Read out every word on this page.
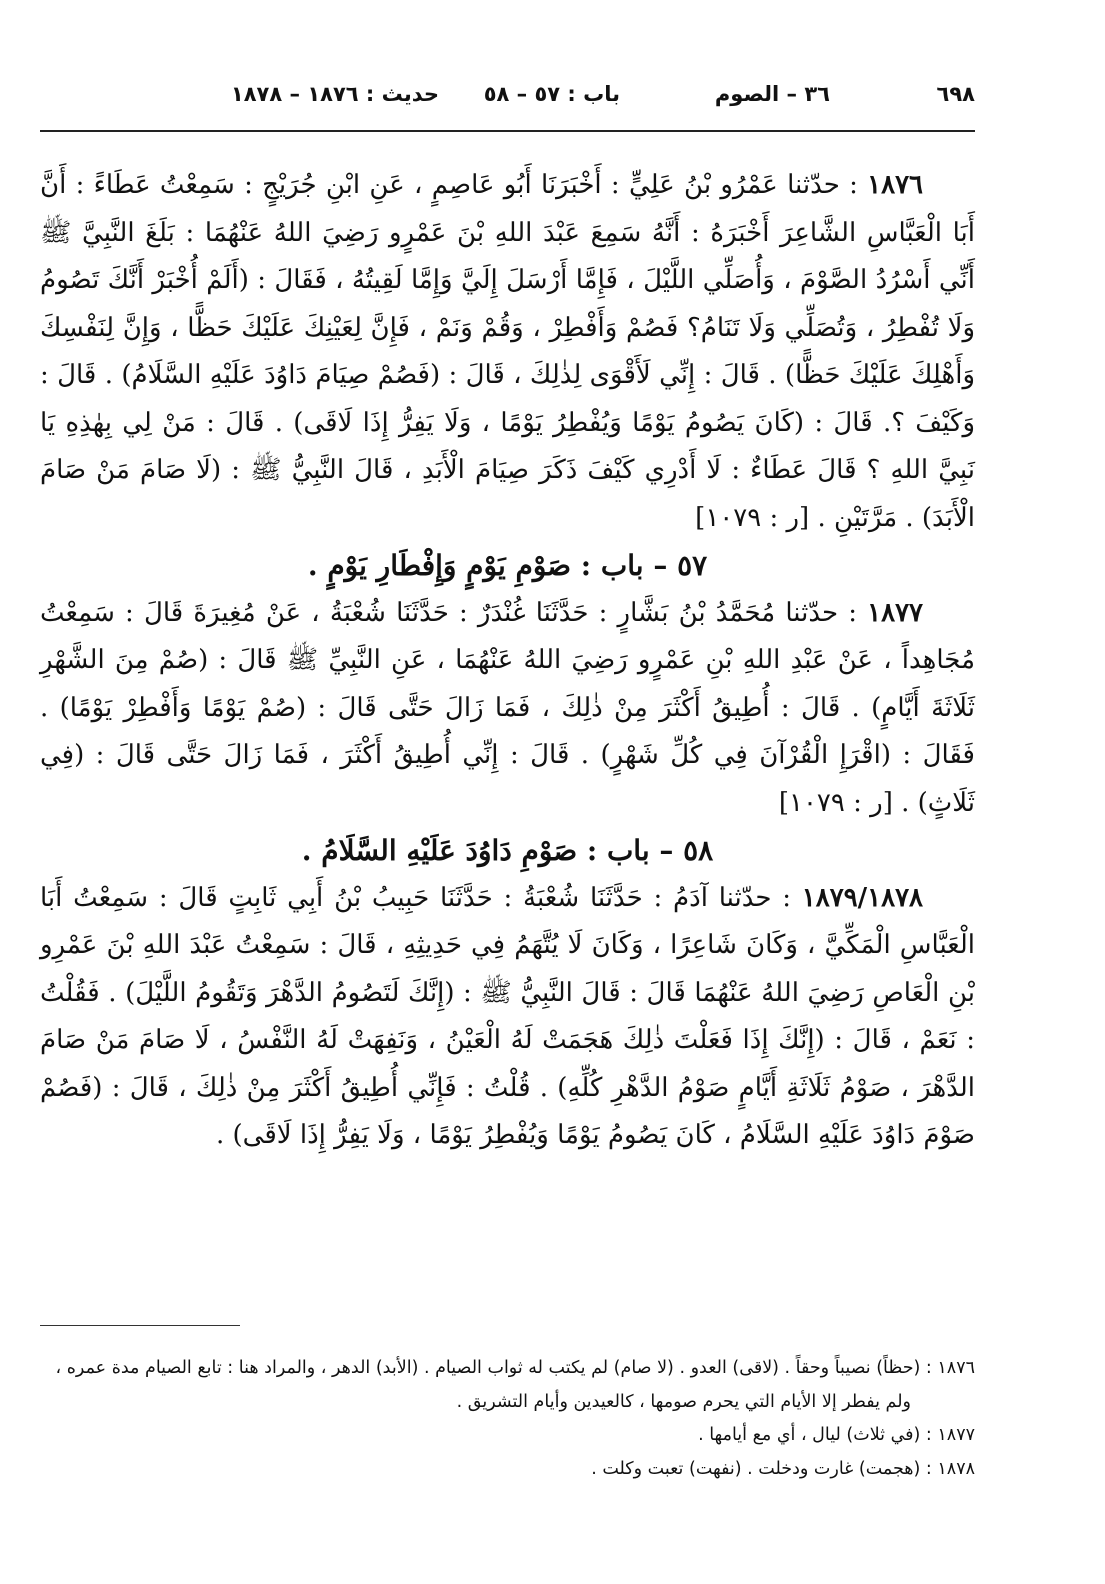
٦٩٨
٣٦ – الصوم
باب : ٥٧ – ٥٨
حديث : ١٨٧٦ – ١٨٧٨

١٨٧٦ : حدّثنا عَمْرُو بْنُ عَلِيٍّ : أَخْبَرَنَا أَبُو عَاصِمٍ ، عَنِ ابْنِ جُرَيْجٍ : سَمِعْتُ عَطَاءً : أَنَّ أَبَا الْعَبَّاسِ الشَّاعِرَ أَخْبَرَهُ : أَنَّهُ سَمِعَ عَبْدَ اللهِ بْنَ عَمْرٍو رَضِيَ اللهُ عَنْهُمَا : بَلَغَ النَّبِيَّ ﷺ أَنِّي أَسْرُدُ الصَّوْمَ ، وَأُصَلِّي اللَّيْلَ ، فَإِمَّا أَرْسَلَ إِلَيَّ وَإِمَّا لَقِيتُهُ ، فَقَالَ : (أَلَمْ أُخْبَرْ أَنَّكَ تَصُومُ وَلَا تُفْطِرُ ، وَتُصَلِّي وَلَا تَنَامُ؟ فَصُمْ وَأَفْطِرْ ، وَقُمْ وَنَمْ ، فَإِنَّ لِعَيْنِكَ عَلَيْكَ حَظًّا ، وَإِنَّ لِنَفْسِكَ وَأَهْلِكَ عَلَيْكَ حَظًّا) . قَالَ : إِنِّي لَأَقْوَى لِذٰلِكَ ، قَالَ : (فَصُمْ صِيَامَ دَاوُدَ عَلَيْهِ السَّلَامُ) . قَالَ : وَكَيْفَ ؟. قَالَ : (كَانَ يَصُومُ يَوْمًا وَيُفْطِرُ يَوْمًا ، وَلَا يَفِرُّ إِذَا لَاقَى) . قَالَ : مَنْ لِي بِهٰذِهِ يَا نَبِيَّ اللهِ ؟ قَالَ عَطَاءٌ : لَا أَدْرِي كَيْفَ ذَكَرَ صِيَامَ الْأَبَدِ ، قَالَ النَّبِيُّ ﷺ : (لَا صَامَ مَنْ صَامَ الْأَبَدَ) . مَرَّتَيْنِ . [ر : ١٠٧٩]

٥٧ – باب : صَوْمِ يَوْمٍ وَإِفْطَارِ يَوْمٍ .

١٨٧٧ : حدّثنا مُحَمَّدُ بْنُ بَشَّارٍ : حَدَّثَنَا غُنْدَرٌ : حَدَّثَنَا شُعْبَةُ ، عَنْ مُغِيرَةَ قَالَ : سَمِعْتُ مُجَاهِداً ، عَنْ عَبْدِ اللهِ بْنِ عَمْرٍو رَضِيَ اللهُ عَنْهُمَا ، عَنِ النَّبِيِّ ﷺ قَالَ : (صُمْ مِنَ الشَّهْرِ ثَلَاثَةَ أَيَّامٍ) . قَالَ : أُطِيقُ أَكْثَرَ مِنْ ذٰلِكَ ، فَمَا زَالَ حَتَّى قَالَ : (صُمْ يَوْمًا وَأَفْطِرْ يَوْمًا) . فَقَالَ : (اقْرَإِ الْقُرْآنَ فِي كُلِّ شَهْرٍ) . قَالَ : إِنِّي أُطِيقُ أَكْثَرَ ، فَمَا زَالَ حَتَّى قَالَ : (فِي ثَلَاثٍ) . [ر : ١٠٧٩]

٥٨ – باب : صَوْمِ دَاوُدَ عَلَيْهِ السَّلَامُ .

١٨٧٩/١٨٧٨ : حدّثنا آدَمُ : حَدَّثَنَا شُعْبَةُ : حَدَّثَنَا حَبِيبُ بْنُ أَبِي ثَابِتٍ قَالَ : سَمِعْتُ أَبَا الْعَبَّاسِ الْمَكِّيَّ ، وَكَانَ شَاعِرًا ، وَكَانَ لَا يُتَّهَمُ فِي حَدِيثِهِ ، قَالَ : سَمِعْتُ عَبْدَ اللهِ بْنَ عَمْرِو بْنِ الْعَاصِ رَضِيَ اللهُ عَنْهُمَا قَالَ : قَالَ النَّبِيُّ ﷺ : (إِنَّكَ لَتَصُومُ الدَّهْرَ وَتَقُومُ اللَّيْلَ) . فَقُلْتُ : نَعَمْ ، قَالَ : (إِنَّكَ إِذَا فَعَلْتَ ذٰلِكَ هَجَمَتْ لَهُ الْعَيْنُ ، وَنَفِهَتْ لَهُ النَّفْسُ ، لَا صَامَ مَنْ صَامَ الدَّهْرَ ، صَوْمُ ثَلَاثَةِ أَيَّامٍ صَوْمُ الدَّهْرِ كُلِّهِ) . قُلْتُ : فَإِنِّي أُطِيقُ أَكْثَرَ مِنْ ذٰلِكَ ، قَالَ : (فَصُمْ صَوْمَ دَاوُدَ عَلَيْهِ السَّلَامُ ، كَانَ يَصُومُ يَوْمًا وَيُفْطِرُ يَوْمًا ، وَلَا يَفِرُّ إِذَا لَاقَى) .

١٨٧٦ : (حظاً) نصيباً وحقاً . (لاقى) العدو . (لا صام) لم يكتب له ثواب الصيام . (الأبد) الدهر ، والمراد هنا : تابع الصيام مدة عمره ، ولم يفطر إلا الأيام التي يحرم صومها ، كالعيدين وأيام التشريق .

١٨٧٧ : (في ثلاث) ليال ، أي مع أيامها .

١٨٧٨ : (هجمت) غارت ودخلت . (نفهت) تعبت وكلت .
